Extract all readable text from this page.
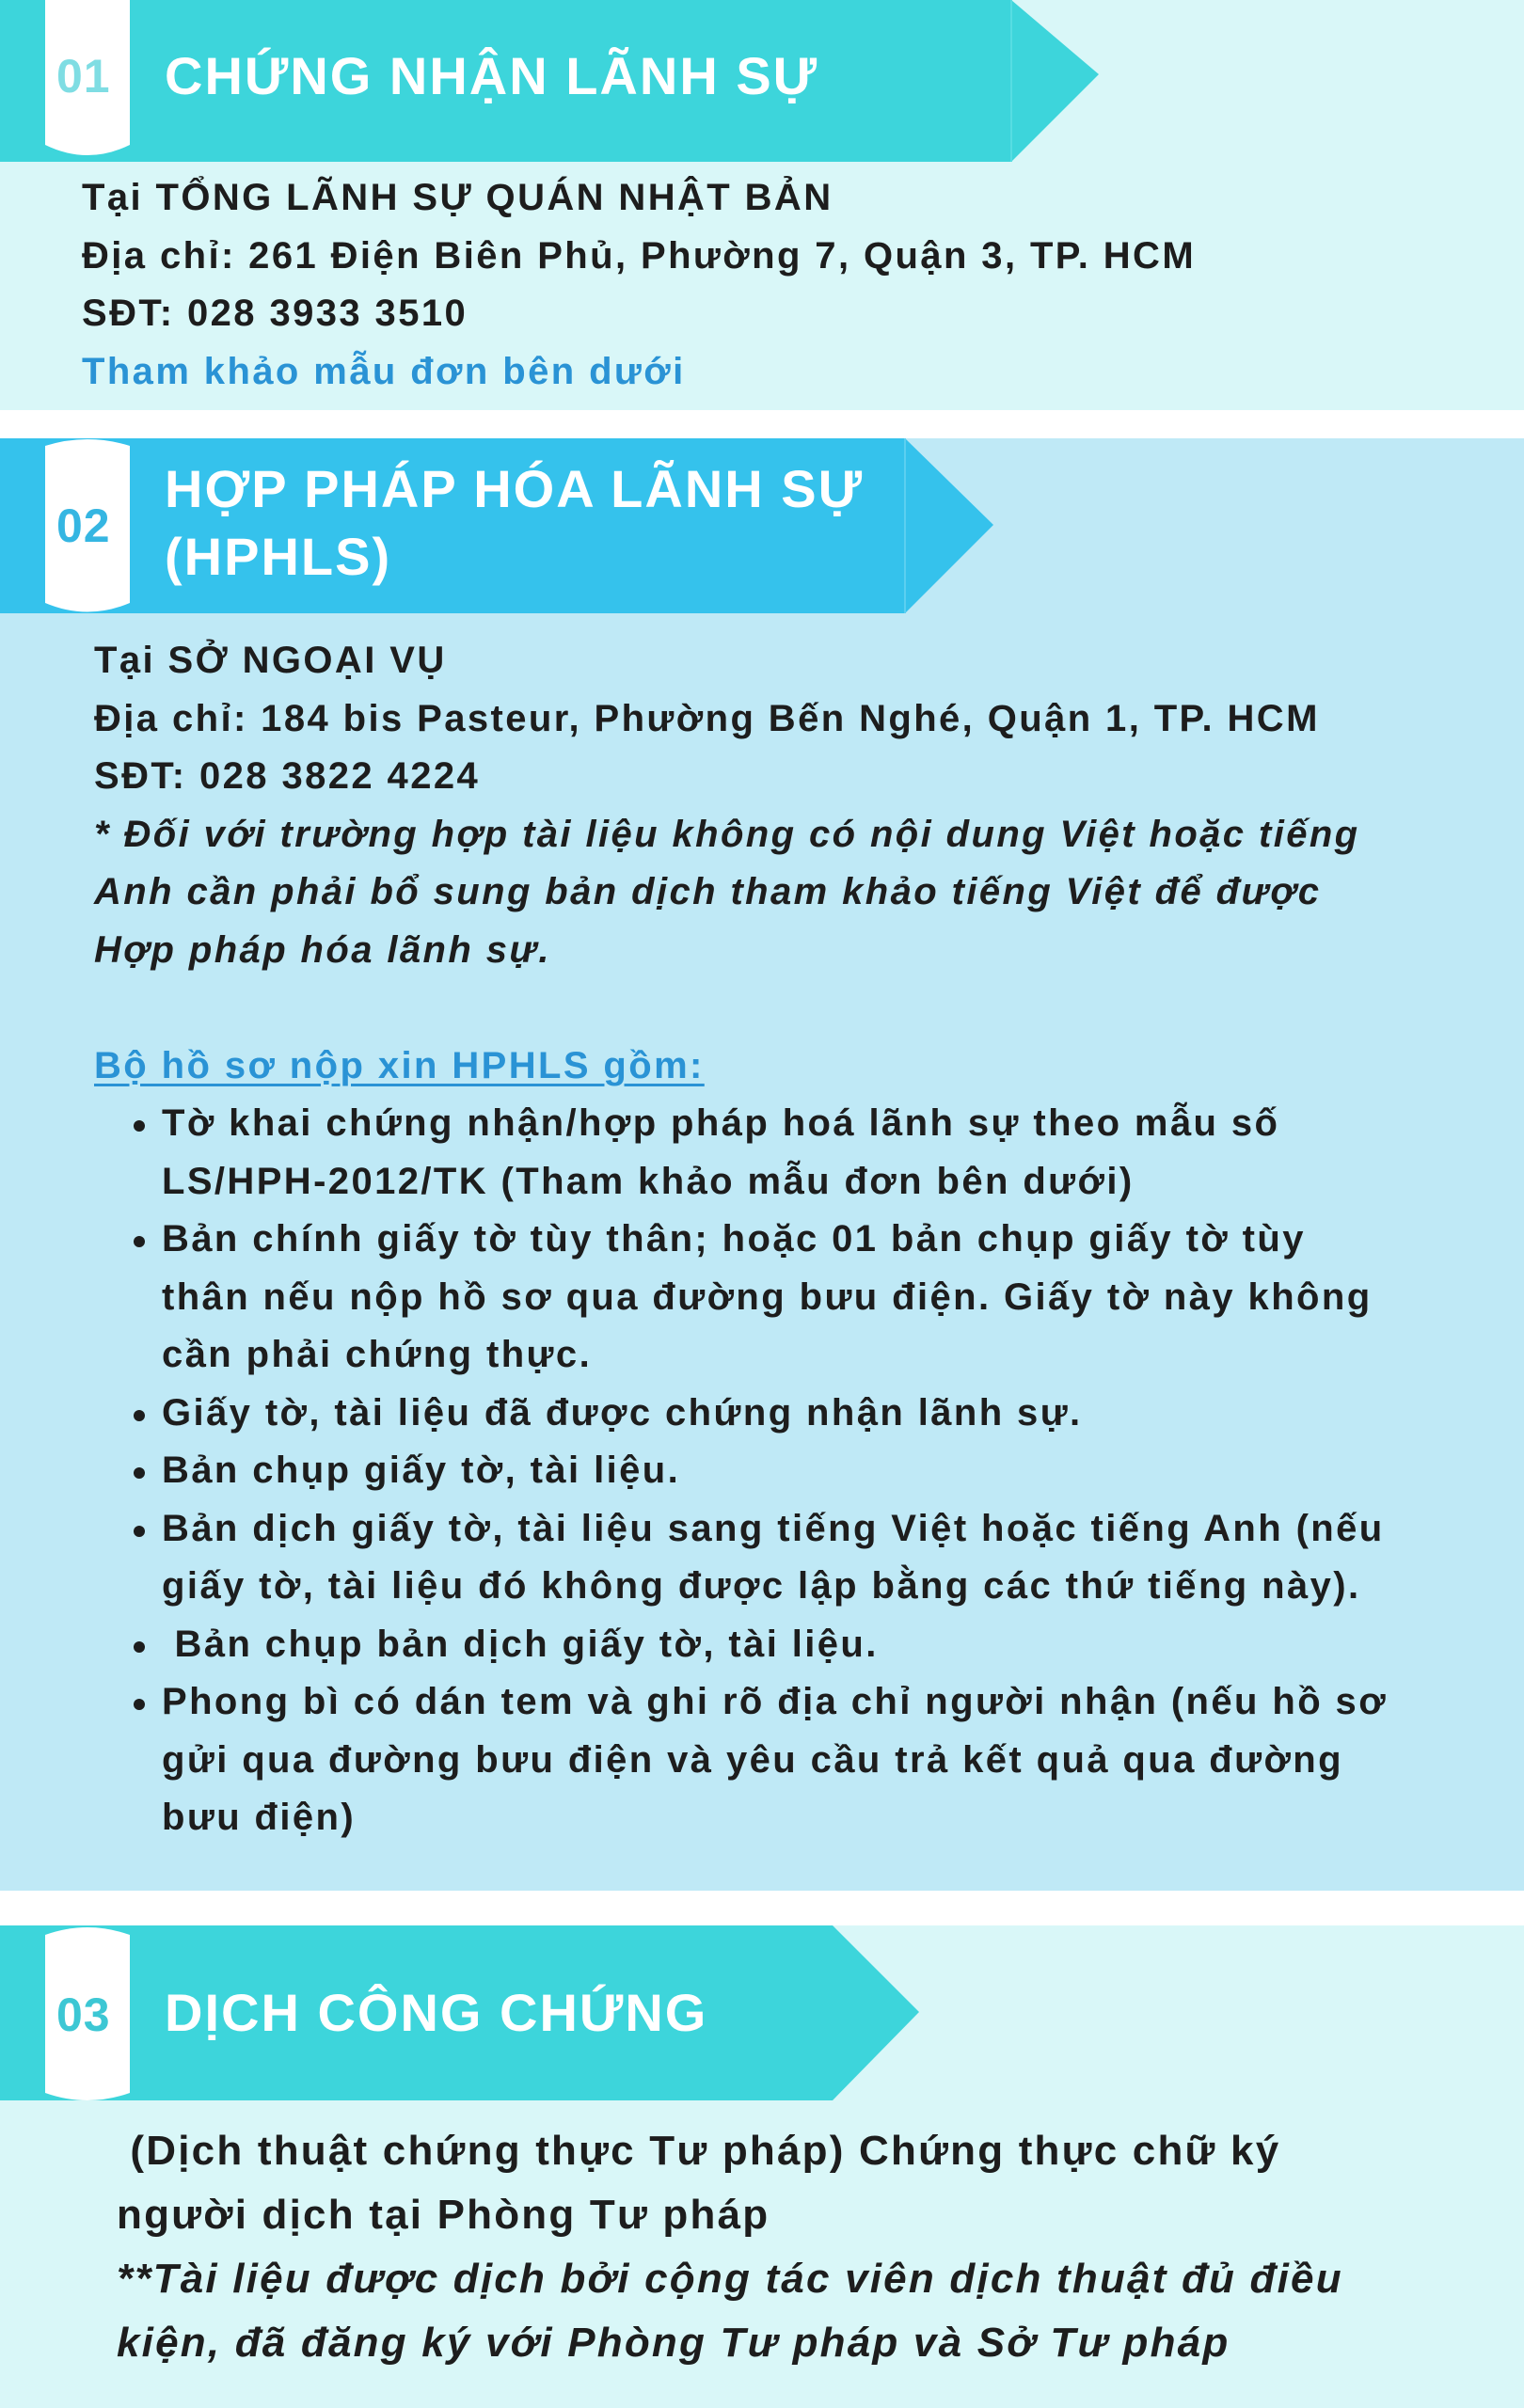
01 CHỨNG NHẬN LÃNH SỰ

Tại TỔNG LÃNH SỰ QUÁN NHẬT BẢN

Địa chỉ: 261 Điện Biên Phủ, Phường 7, Quận 3, TP. HCM

SĐT: 028 3933 3510

Tham khảo mẫu đơn bên dưới

02
HỢP PHÁP HÓA LÃNH SỰ
(HPHLS)

Tại SỞ NGOẠI VỤ

Địa chỉ: 184 bis Pasteur, Phường Bến Nghé, Quận 1, TP. HCM

SĐT: 028 3822 4224

* Đối với trường hợp tài liệu không có nội dung Việt hoặc tiếng

Anh cần phải bổ sung bản dịch tham khảo tiếng Việt để được

Hợp pháp hóa lãnh sự.

Bộ hồ sơ nộp xin HPHLS gồm:

Tờ khai chứng nhận/hợp pháp hoá lãnh sự theo mẫu số

LS/HPH-2012/TK (Tham khảo mẫu đơn bên dưới)

Bản chính giấy tờ tùy thân; hoặc 01 bản chụp giấy tờ tùy

thân nếu nộp hồ sơ qua đường bưu điện. Giấy tờ này không

cần phải chứng thực.

Giấy tờ, tài liệu đã được chứng nhận lãnh sự.

Bản chụp giấy tờ, tài liệu.

Bản dịch giấy tờ, tài liệu sang tiếng Việt hoặc tiếng Anh (nếu

giấy tờ, tài liệu đó không được lập bằng các thứ tiếng này).

Bản chụp bản dịch giấy tờ, tài liệu.

Phong bì có dán tem và ghi rõ địa chỉ người nhận (nếu hồ sơ

gửi qua đường bưu điện và yêu cầu trả kết quả qua đường

bưu điện)

03 DỊCH CÔNG CHỨNG

(Dịch thuật chứng thực Tư pháp) Chứng thực chữ ký

người dịch tại Phòng Tư pháp

**Tài liệu được dịch bởi cộng tác viên dịch thuật đủ điều

kiện, đã đăng ký với Phòng Tư pháp và Sở Tư pháp
